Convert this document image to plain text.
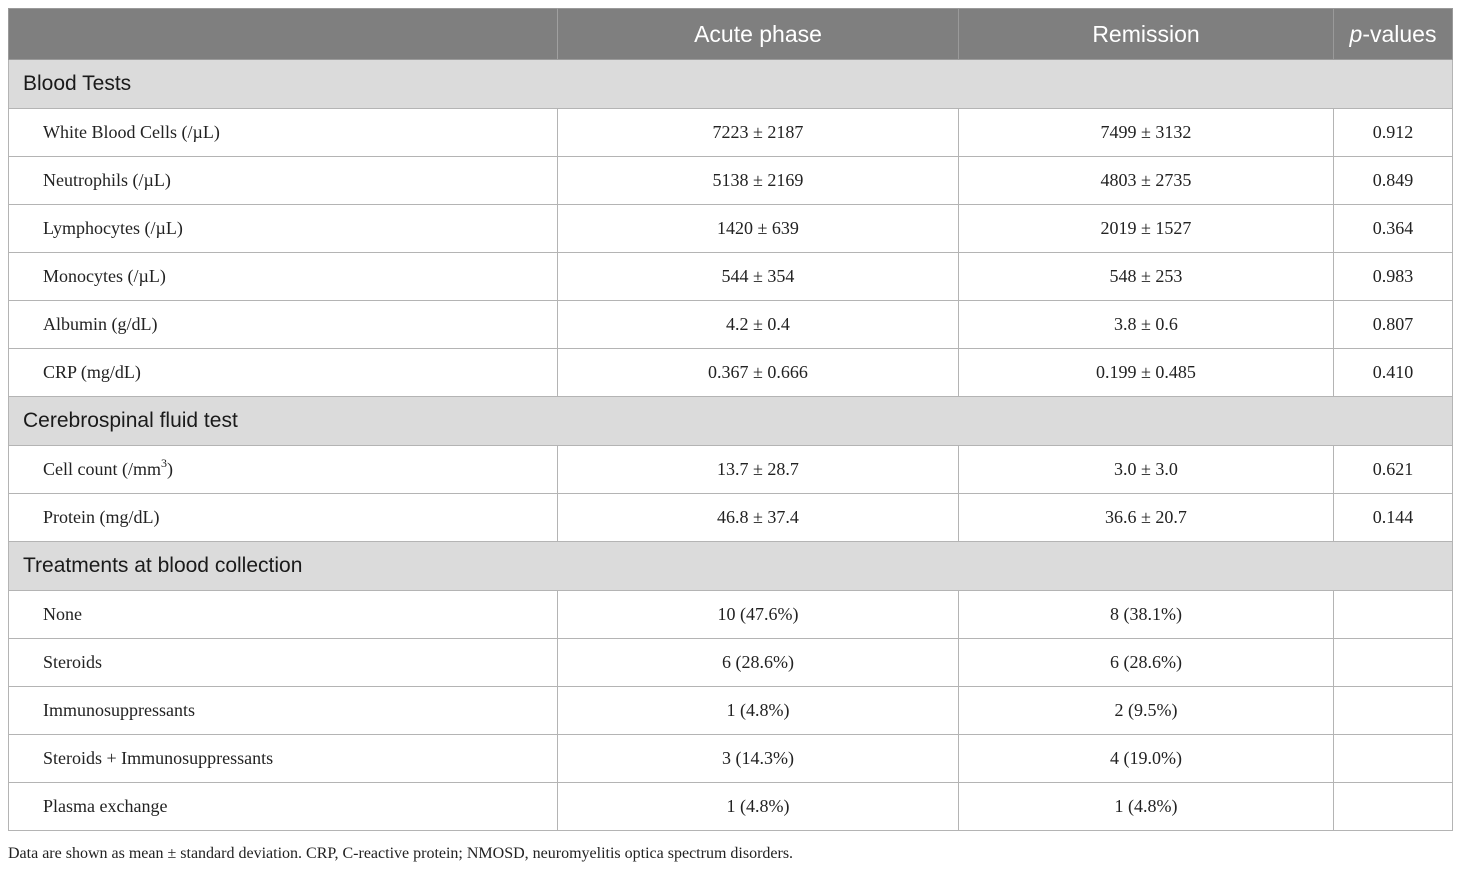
	Acute phase	Remission	p-values
Blood Tests			
White Blood Cells (/µL)	7223 ± 2187	7499 ± 3132	0.912
Neutrophils (/µL)	5138 ± 2169	4803 ± 2735	0.849
Lymphocytes (/µL)	1420 ± 639	2019 ± 1527	0.364
Monocytes (/µL)	544 ± 354	548 ± 253	0.983
Albumin (g/dL)	4.2 ± 0.4	3.8 ± 0.6	0.807
CRP (mg/dL)	0.367 ± 0.666	0.199 ± 0.485	0.410
Cerebrospinal fluid test			
Cell count $(/mm^3)$	13.7 ± 28.7	3.0 ± 3.0	0.621
Protein (mg/dL)	46.8 ± 37.4	36.6 ± 20.7	0.144
Treatments at blood collection			
None	10 (47.6%)	8 (38.1%)	
Steroids	6 (28.6%)	6 (28.6%)	
Immunosuppressants	1 (4.8%)	2 (9.5%)	
Steroids + Immunosuppressants	3 (14.3%)	4 (19.0%)	
Plasma exchange	1 (4.8%)	1 (4.8%)	
Data are shown as mean ± standard deviation. CRP, C-reactive protein; NMOSD, neuromyelitis optica spectrum disorders.
